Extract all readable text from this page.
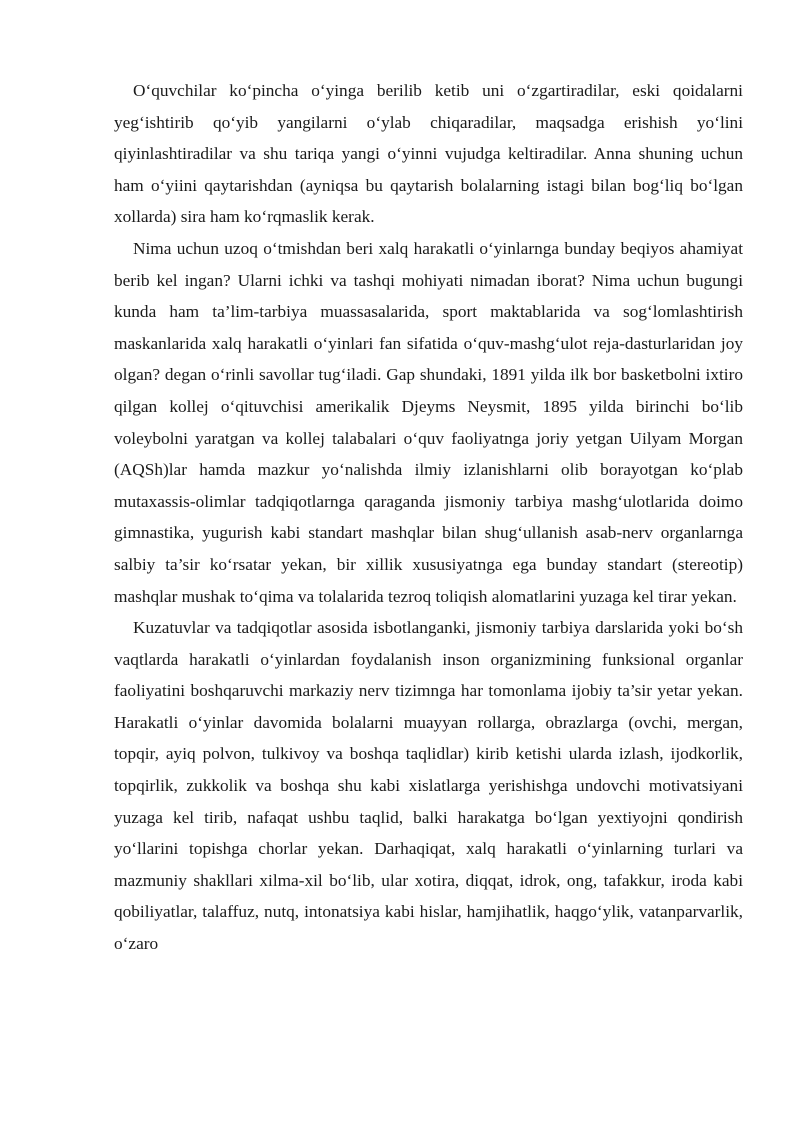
O‘quvchilar ko‘pincha o‘yinga berilib ketib uni o‘zgartiradilar, eski qoidalarni yeg‘ishtirib qo‘yib yangilarni o‘ylab chiqaradilar, maqsadga erishish yo‘lini qiyinlashtiradilar va shu tariqa yangi o‘yinni vujudga keltiradilar. Anna shuning uchun ham o‘yiini qaytarishdan (ayniqsa bu qaytarish bolalarning istagi bilan bog‘liq bo‘lgan xollarda) sira ham ko‘rqmaslik kerak.

Nima uchun uzoq o‘tmishdan beri xalq harakatli o‘yinlarnga bunday beqiyos ahamiyat berib kel ingan? Ularni ichki va tashqi mohiyati nimadan iborat? Nima uchun bugungi kunda ham ta’lim-tarbiya muassasalarida, sport maktablarida va sog‘lomlashtirish maskanlarida xalq harakatli o‘yinlari fan sifatida o‘quv-mashg‘ulot reja-dasturlaridan joy olgan? degan o‘rinli savollar tug‘iladi. Gap shundaki, 1891 yilda ilk bor basketbolni ixtiro qilgan kollej o‘qituvchisi amerikalik Djeyms Neysmit, 1895 yilda birinchi bo‘lib voleybolni yaratgan va kollej talabalari o‘quv faoliyatnga joriy yetgan Uilyam Morgan (AQSh)lar hamda mazkur yo‘nalishda ilmiy izlanishlarni olib borayotgan ko‘plab mutaxassis-olimlar tadqiqotlarnga qaraganda jismoniy tarbiya mashg‘ulotlarida doimo gimnastika, yugurish kabi standart mashqlar bilan shug‘ullanish asab-nerv organlarnga salbiy ta’sir ko‘rsatar yekan, bir xillik xususiyatnga ega bunday standart (stereotip) mashqlar mushak to‘qima va tolalarida tezroq toliqish alomatlarini yuzaga kel tirar yekan.

Kuzatuvlar va tadqiqotlar asosida isbotlanganki, jismoniy tarbiya darslarida yoki bo‘sh vaqtlarda harakatli o‘yinlardan foydalanish inson organizmining funksional organlar faoliyatini boshqaruvchi markaziy nerv tizimnga har tomonlama ijobiy ta’sir yetar yekan. Harakatli o‘yinlar davomida bolalarni muayyan rollarga, obrazlarga (ovchi, mergan, topqir, ayiq polvon, tulkivoy va boshqa taqlidlar) kirib ketishi ularda izlash, ijodkorlik, topqirlik, zukkolik va boshqa shu kabi xislatlarga yerishishga undovchi motivatsiyani yuzaga kel tirib, nafaqat ushbu taqlid, balki harakatga bo‘lgan yextiyojni qondirish yo‘llarini topishga chorlar yekan. Darhaqiqat, xalq harakatli o‘yinlarning turlari va mazmuniy shakllari xilma-xil bo‘lib, ular xotira, diqqat, idrok, ong, tafakkur, iroda kabi qobiliyatlar, talaffuz, nutq, intonatsiya kabi hislar, hamjihatlik, haqgo‘ylik, vatanparvarlik, o‘zaro
